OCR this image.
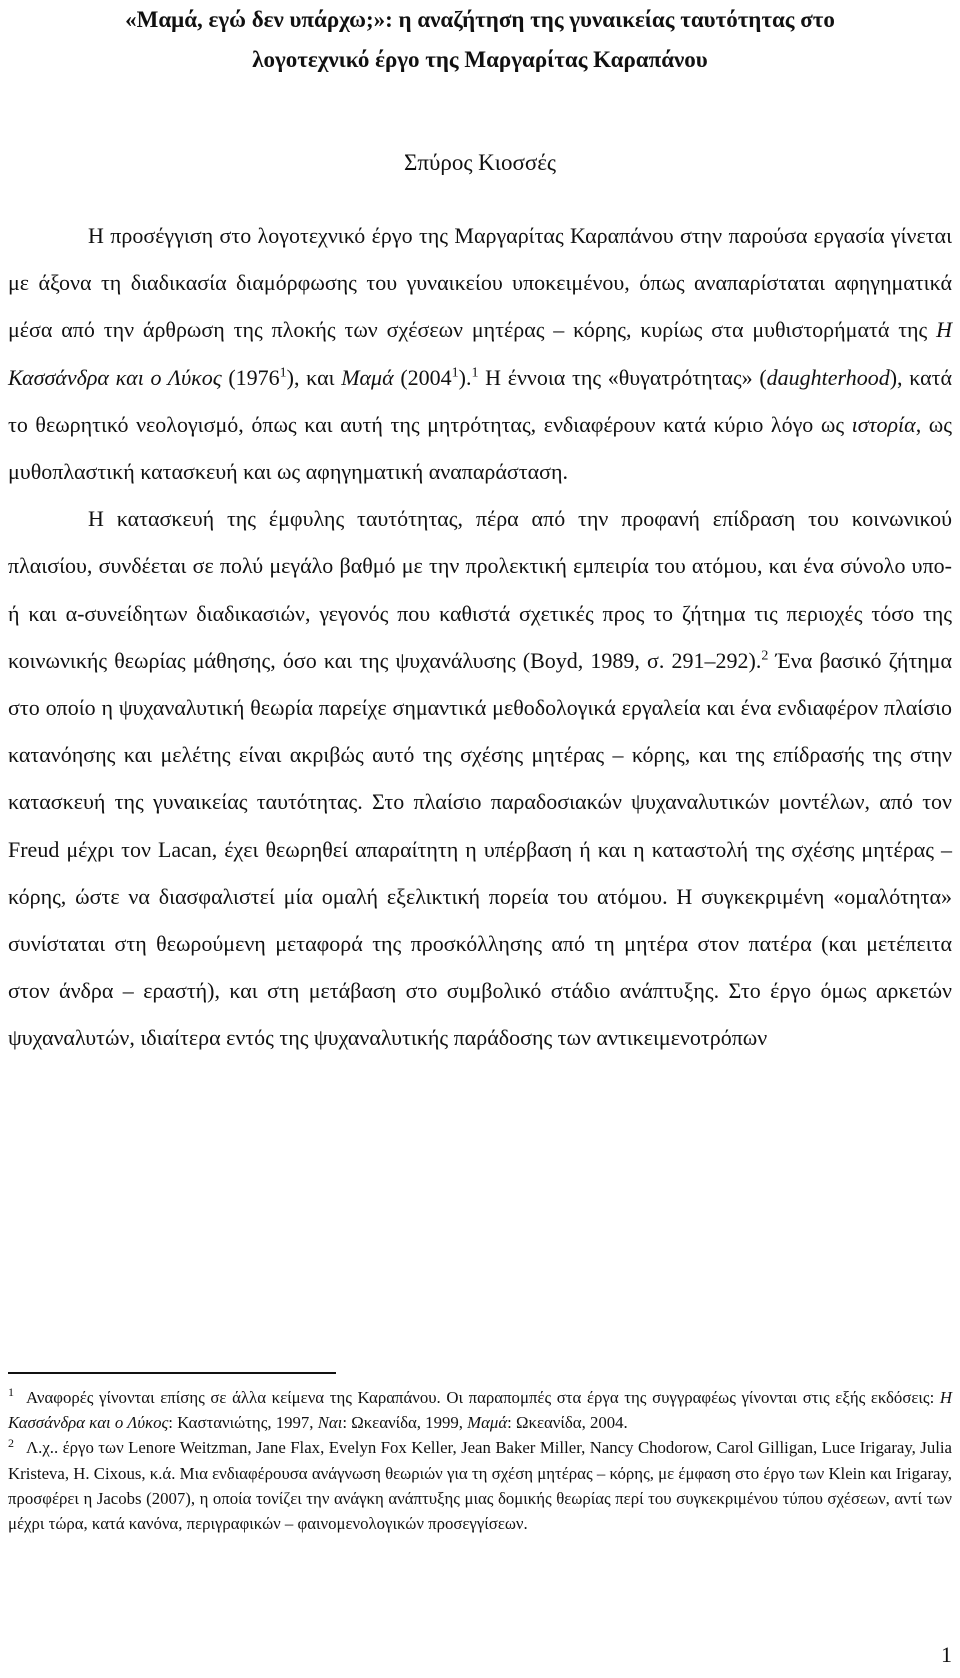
«Μαμά, εγώ δεν υπάρχω;»: η αναζήτηση της γυναικείας ταυτότητας στο
λογοτεχνικό έργο της Μαργαρίτας Καραπάνου
Σπύρος Κιοσσές

Η προσέγγιση στο λογοτεχνικό έργο της Μαργαρίτας Καραπάνου στην παρούσα εργασία γίνεται με άξονα τη διαδικασία διαμόρφωσης του γυναικείου υποκειμένου, όπως αναπαρίσταται αφηγηματικά μέσα από την άρθρωση της πλοκής των σχέσεων μητέρας – κόρης, κυρίως στα μυθιστορήματά της Η Κασσάνδρα και ο Λύκος (1976$^1$), και Μαμά (2004$^1$).$^1$ Η έννοια της «θυγατρότητας» (daughterhood), κατά το θεωρητικό νεολογισμό, όπως και αυτή της μητρότητας, ενδιαφέρουν κατά κύριο λόγο ως ιστορία, ως μυθοπλαστική κατασκευή και ως αφηγηματική αναπαράσταση.

Η κατασκευή της έμφυλης ταυτότητας, πέρα από την προφανή επίδραση του κοινωνικού πλαισίου, συνδέεται σε πολύ μεγάλο βαθμό με την προλεκτική εμπειρία του ατόμου, και ένα σύνολο υπο- ή και α-συνείδητων διαδικασιών, γεγονός που καθιστά σχετικές προς το ζήτημα τις περιοχές τόσο της κοινωνικής θεωρίας μάθησης, όσο και της ψυχανάλυσης (Boyd, 1989, σ. 291–292).$^2$ Ένα βασικό ζήτημα στο οποίο η ψυχαναλυτική θεωρία παρείχε σημαντικά μεθοδολογικά εργαλεία και ένα ενδιαφέρον πλαίσιο κατανόησης και μελέτης είναι ακριβώς αυτό της σχέσης μητέρας – κόρης, και της επίδρασής της στην κατασκευή της γυναικείας ταυτότητας. Στο πλαίσιο παραδοσιακών ψυχαναλυτικών μοντέλων, από τον Freud μέχρι τον Lacan, έχει θεωρηθεί απαραίτητη η υπέρβαση ή και η καταστολή της σχέσης μητέρας – κόρης, ώστε να διασφαλιστεί μία ομαλή εξελικτική πορεία του ατόμου. Η συγκεκριμένη «ομαλότητα» συνίσταται στη θεωρούμενη μεταφορά της προσκόλλησης από τη μητέρα στον πατέρα (και μετέπειτα στον άνδρα – εραστή), και στη μετάβαση στο συμβολικό στάδιο ανάπτυξης. Στο έργο όμως αρκετών ψυχαναλυτών, ιδιαίτερα εντός της ψυχαναλυτικής παράδοσης των αντικειμενοτρόπων

$^1$ Αναφορές γίνονται επίσης σε άλλα κείμενα της Καραπάνου. Οι παραπομπές στα έργα της συγγραφέως γίνονται στις εξής εκδόσεις: Η Κασσάνδρα και ο Λύκος: Καστανιώτης, 1997, Ναι: Ωκεανίδα, 1999, Μαμά: Ωκεανίδα, 2004.

$^2$ Λ.χ.. έργο των Lenore Weitzman, Jane Flax, Evelyn Fox Keller, Jean Baker Miller, Nancy Chodorow, Carol Gilligan, Luce Irigaray, Julia Kristeva, H. Cixous, κ.ά. Μια ενδιαφέρουσα ανάγνωση θεωριών για τη σχέση μητέρας – κόρης, με έμφαση στο έργο των Klein και Irigaray, προσφέρει η Jacobs (2007), η οποία τονίζει την ανάγκη ανάπτυξης μιας δομικής θεωρίας περί του συγκεκριμένου τύπου σχέσεων, αντί των μέχρι τώρα, κατά κανόνα, περιγραφικών – φαινομενολογικών προσεγγίσεων.

1
